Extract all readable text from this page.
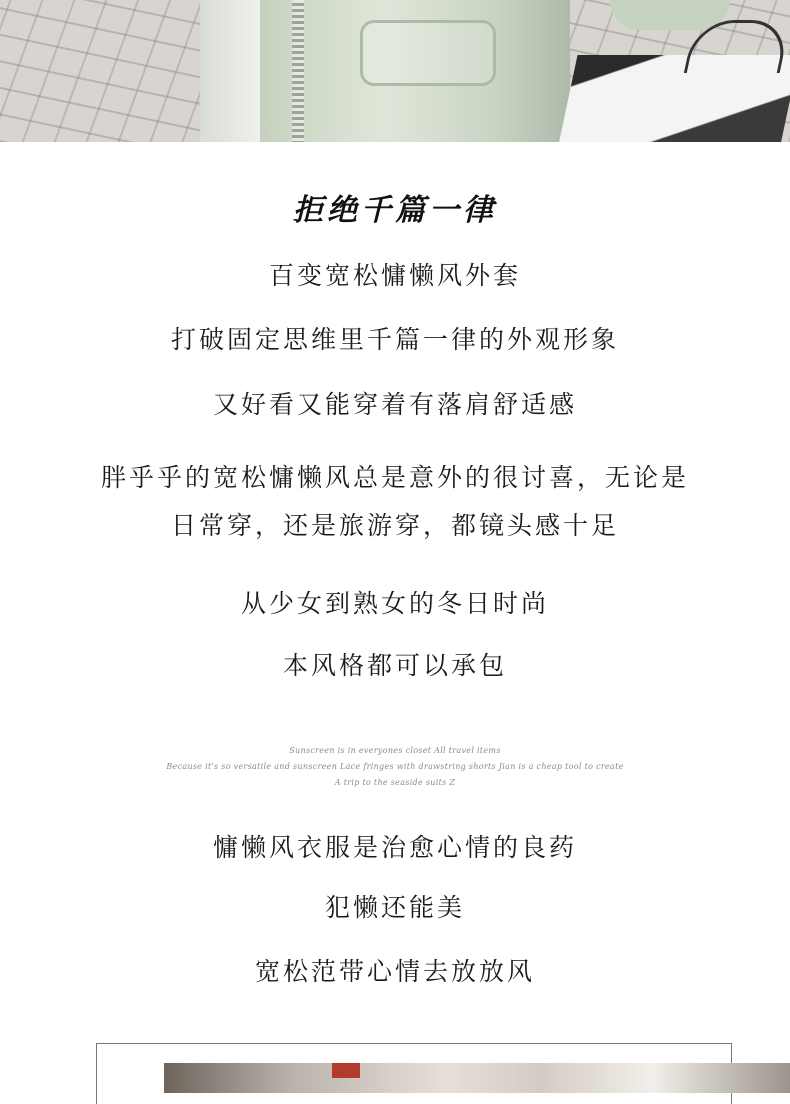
拒绝千篇一律
百变宽松慵懒风外套
打破固定思维里千篇一律的外观形象
又好看又能穿着有落肩舒适感
胖乎乎的宽松慵懒风总是意外的很讨喜，无论是
日常穿，还是旅游穿，都镜头感十足
从少女到熟女的冬日时尚
本风格都可以承包
Sunscreen is in everyones closet All travel items
Because it's so versatile and sunscreen Lace fringes with drawstring shorts Jian is a cheap tool to create
A trip to the seaside suits Z
慵懒风衣服是治愈心情的良药
犯懒还能美
宽松范带心情去放放风
